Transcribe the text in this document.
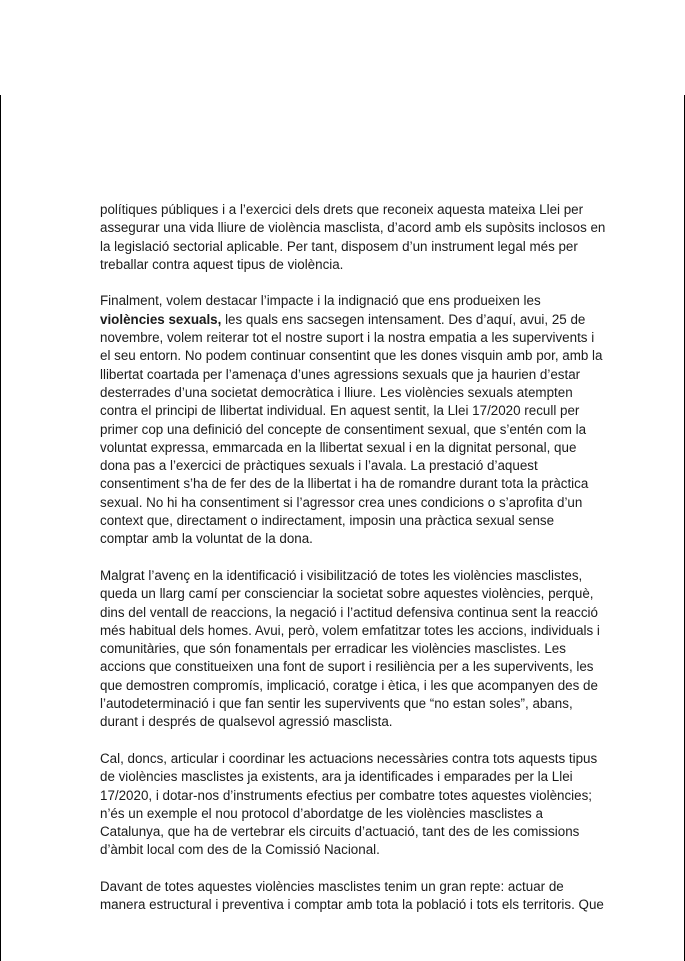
polítiques públiques i a l’exercici dels drets que reconeix aquesta mateixa Llei per
assegurar una vida lliure de violència masclista, d’acord amb els supòsits inclosos en
la legislació sectorial aplicable. Per tant, disposem d’un instrument legal més per
treballar contra aquest tipus de violència.

Finalment, volem destacar l’impacte i la indignació que ens produeixen les
violències sexuals, les quals ens sacsegen intensament. Des d’aquí, avui, 25 de
novembre, volem reiterar tot el nostre suport i la nostra empatia a les supervivents i
el seu entorn. No podem continuar consentint que les dones visquin amb por, amb la
llibertat coartada per l’amenaça d’unes agressions sexuals que ja haurien d’estar
desterrades d’una societat democràtica i lliure. Les violències sexuals atempten
contra el principi de llibertat individual. En aquest sentit, la Llei 17/2020 recull per
primer cop una definició del concepte de consentiment sexual, que s’entén com la
voluntat expressa, emmarcada en la llibertat sexual i en la dignitat personal, que
dona pas a l’exercici de pràctiques sexuals i l’avala. La prestació d’aquest
consentiment s’ha de fer des de la llibertat i ha de romandre durant tota la pràctica
sexual. No hi ha consentiment si l’agressor crea unes condicions o s’aprofita d’un
context que, directament o indirectament, imposin una pràctica sexual sense
comptar amb la voluntat de la dona.

Malgrat l’avenç en la identificació i visibilització de totes les violències masclistes,
queda un llarg camí per conscienciar la societat sobre aquestes violències, perquè,
dins del ventall de reaccions, la negació i l’actitud defensiva continua sent la reacció
més habitual dels homes. Avui, però, volem emfatitzar totes les accions, individuals i
comunitàries, que són fonamentals per erradicar les violències masclistes. Les
accions que constitueixen una font de suport i resiliència per a les supervivents, les
que demostren compromís, implicació, coratge i ètica, i les que acompanyen des de
l’autodeterminació i que fan sentir les supervivents que “no estan soles”, abans,
durant i després de qualsevol agressió masclista.

Cal, doncs, articular i coordinar les actuacions necessàries contra tots aquests tipus
de violències masclistes ja existents, ara ja identificades i emparades per la Llei
17/2020, i dotar-nos d’instruments efectius per combatre totes aquestes violències;
n’és un exemple el nou protocol d’abordatge de les violències masclistes a
Catalunya, que ha de vertebrar els circuits d’actuació, tant des de les comissions
d’àmbit local com des de la Comissió Nacional.

Davant de totes aquestes violències masclistes tenim un gran repte: actuar de
manera estructural i preventiva i comptar amb tota la població i tots els territoris. Que
